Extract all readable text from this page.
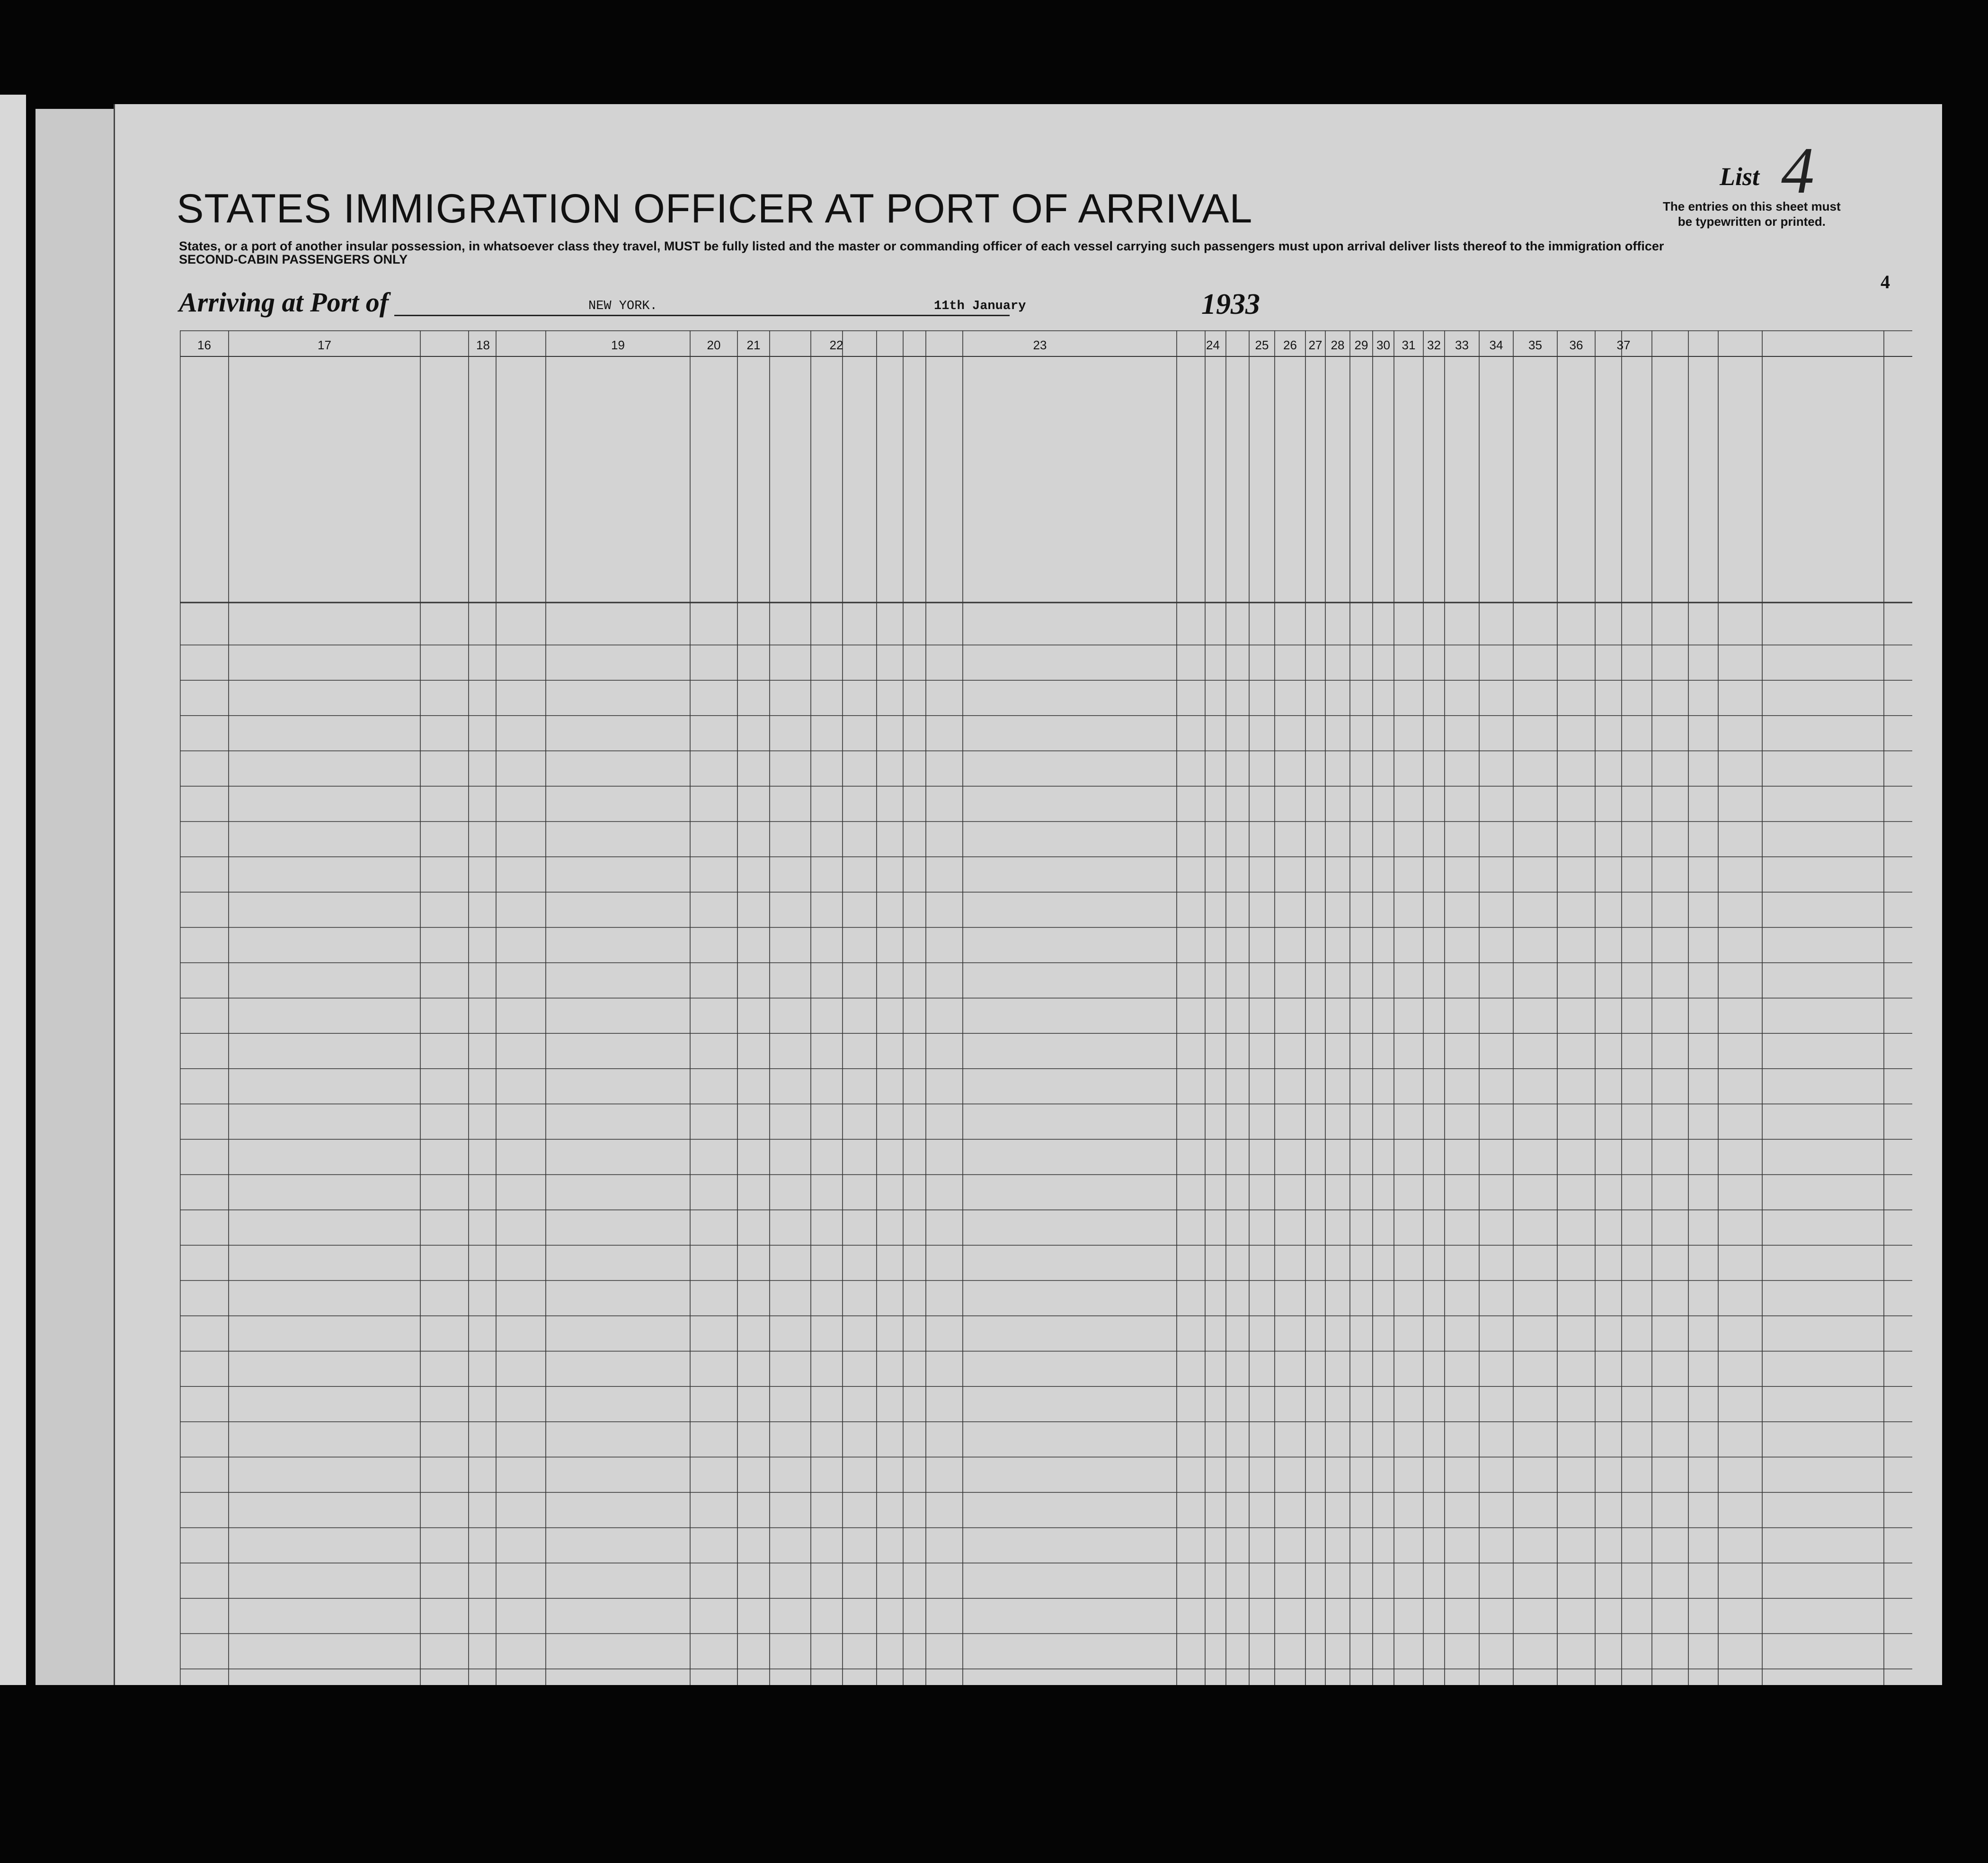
STATES IMMIGRATION OFFICER AT PORT OF ARRIVAL
States, or a port of another insular possession, in whatsoever class they travel, MUST be fully listed and the master or commanding officer of each vessel carrying such passengers must upon arrival deliver lists thereof to the immigration officer
SECOND-CABIN PASSENGERS ONLY
List 4
The entries on this sheet must
be typewritten or printed.
4
Arriving at Port of	NEW YORK.	11th January	1933
16	17	18	19	20 21	22	23	24	25 26 27 28 29 30 31 32 33 34 35 36	37
